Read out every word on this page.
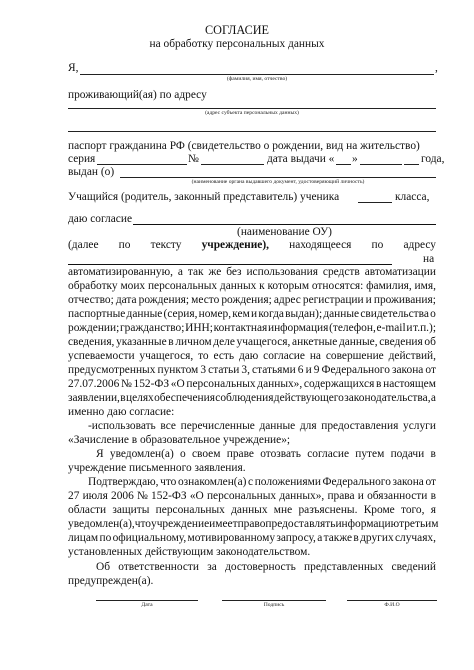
СОГЛАСИЕ
на обработку персональных данных
Я,	,
(фамилия, имя, отчество)
проживающий(ая) по адресу
(адрес субъекта персональных данных)
паспорт гражданина РФ (свидетельство о рождении, вид на жительство)
серия	№	дата выдачи « »	года,
выдан (о)
(наименование органа выдавшего документ, удостоверяющий личность)
Учащийся (родитель, законный представитель) ученика	класса,
даю согласие
(наименование ОУ)
(далее по тексту учреждение), находящееся по адресу
на
автоматизированную, а так же без использования средств автоматизации
обработку моих персональных данных к которым относятся: фамилия, имя,
отчество; дата рождения; место рождения; адрес регистрации и проживания;
паспортные данные (серия, номер, кем и когда выдан); данные свидетельства о
рождении; гражданство; ИНН; контактная информация (телефон, e-mail и т.п.);
сведения, указанные в личном деле учащегося, анкетные данные, сведения об
успеваемости учащегося, то есть даю согласие на совершение действий,
предусмотренных пунктом 3 статьи 3, статьями 6 и 9 Федерального закона от
27.07.2006 № 152-ФЗ «О персональных данных», содержащихся в настоящем
заявлении, в целях обеспечения соблюдения действующего законодательства, а
именно даю согласие:
-использовать все перечисленные данные для предоставления услуги
«Зачисление в образовательное учреждение»;
Я уведомлен(а) о своем праве отозвать согласие путем подачи в
учреждение письменного заявления.
Подтверждаю, что ознакомлен(а) с положениями Федерального закона от
27 июля 2006 № 152-ФЗ «О персональных данных», права и обязанности в
области защиты персональных данных мне разъяснены. Кроме того, я
уведомлен(а), что учреждение имеет право предоставлять информацию третьим
лицам по официальному, мотивированному запросу, а также в других случаях,
установленных действующим законодательством.
Об ответственности за достоверность представленных сведений
предупрежден(а).
Дата	Подпись	Ф.И.О
